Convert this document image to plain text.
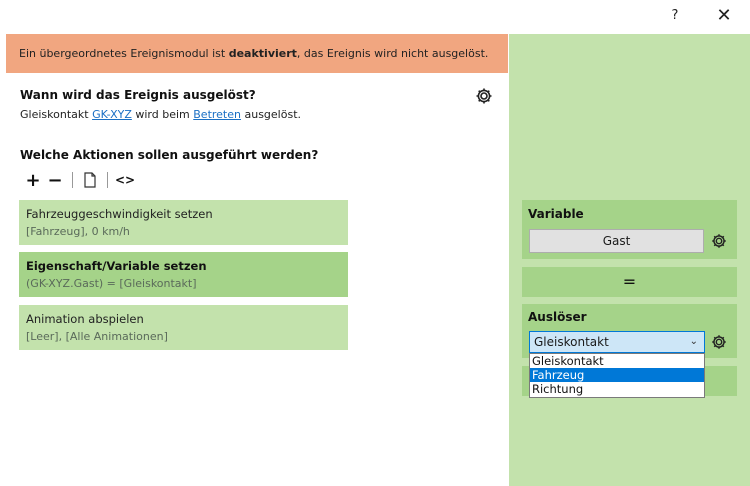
?	✕
Ein übergeordnetes Ereignismodul ist deaktiviert, das Ereignis wird nicht ausgelöst.
Wann wird das Ereignis ausgelöst?
Gleiskontakt GK-XYZ wird beim Betreten ausgelöst.
Welche Aktionen sollen ausgeführt werden?
+ −	<>
Fahrzeuggeschwindigkeit setzen
[Fahrzeug], 0 km/h
Eigenschaft/Variable setzen
(GK-XYZ.Gast) = [Gleiskontakt]
Animation abspielen
[Leer], [Alle Animationen]
Variable
Gast
=
Auslöser
Gleiskontakt	⌄
Gleiskontakt
Fahrzeug
Richtung
